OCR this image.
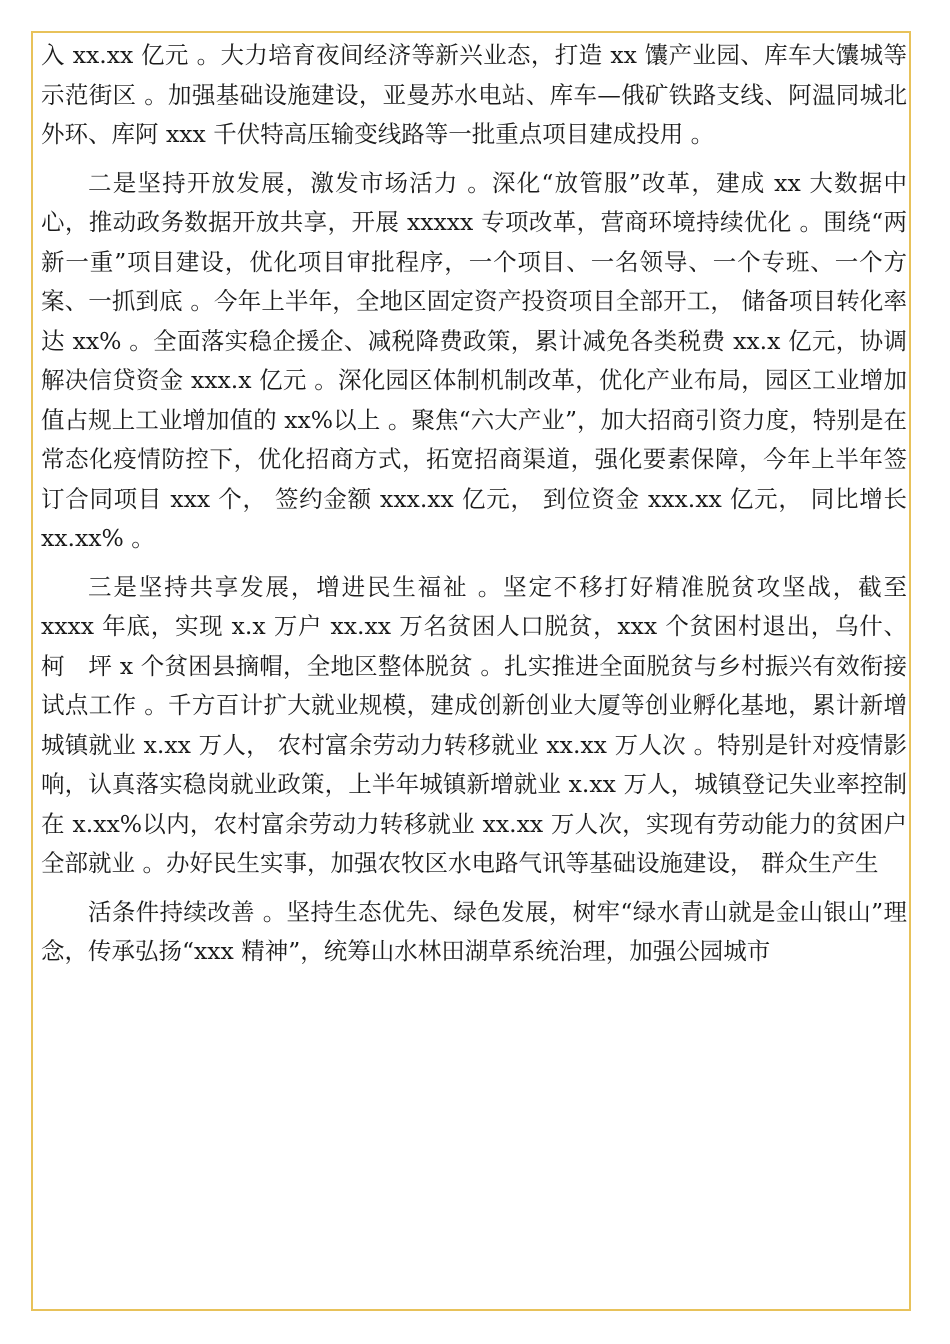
入 xx.xx 亿元 。大力培育夜间经济等新兴业态，打造 xx 馕产业园、库车大馕城等示范街区 。加强基础设施建设，亚曼苏水电站、库车—俄矿铁路支线、阿温同城北外环、库阿 xxx 千伏特高压输变线路等一批重点项目建成投用 。

二是坚持开放发展，激发市场活力 。深化“放管服”改革，建成 xx 大数据中心，推动政务数据开放共享，开展 xxxxx 专项改革，营商环境持续优化 。围绕“两新一重”项目建设，优化项目审批程序，一个项目、一名领导、一个专班、一个方案、一抓到底 。今年上半年，全地区固定资产投资项目全部开工， 储备项目转化率达 xx% 。全面落实稳企援企、减税降费政策，累计减免各类税费 xx.x 亿元，协调解决信贷资金 xxx.x 亿元 。深化园区体制机制改革，优化产业布局，园区工业增加值占规上工业增加值的 xx%以上 。聚焦“六大产业”，加大招商引资力度，特别是在常态化疫情防控下，优化招商方式，拓宽招商渠道，强化要素保障，今年上半年签订合同项目 xxx 个， 签约金额 xxx.xx 亿元， 到位资金 xxx.xx 亿元， 同比增长 xx.xx% 。

三是坚持共享发展，增进民生福祉 。坚定不移打好精准脱贫攻坚战，截至 xxxx 年底，实现 x.x 万户 xx.xx 万名贫困人口脱贫，xxx 个贫困村退出，乌什、柯　坪 x 个贫困县摘帽，全地区整体脱贫 。扎实推进全面脱贫与乡村振兴有效衔接试点工作 。千方百计扩大就业规模，建成创新创业大厦等创业孵化基地，累计新增城镇就业 x.xx 万人， 农村富余劳动力转移就业 xx.xx 万人次 。特别是针对疫情影响，认真落实稳岗就业政策，上半年城镇新增就业 x.xx 万人，城镇登记失业率控制在 x.xx%以内，农村富余劳动力转移就业 xx.xx 万人次，实现有劳动能力的贫困户全部就业 。办好民生实事，加强农牧区水电路气讯等基础设施建设， 群众生产生

活条件持续改善 。坚持生态优先、绿色发展，树牢“绿水青山就是金山银山”理念，传承弘扬“xxx 精神”，统筹山水林田湖草系统治理，加强公园城市
